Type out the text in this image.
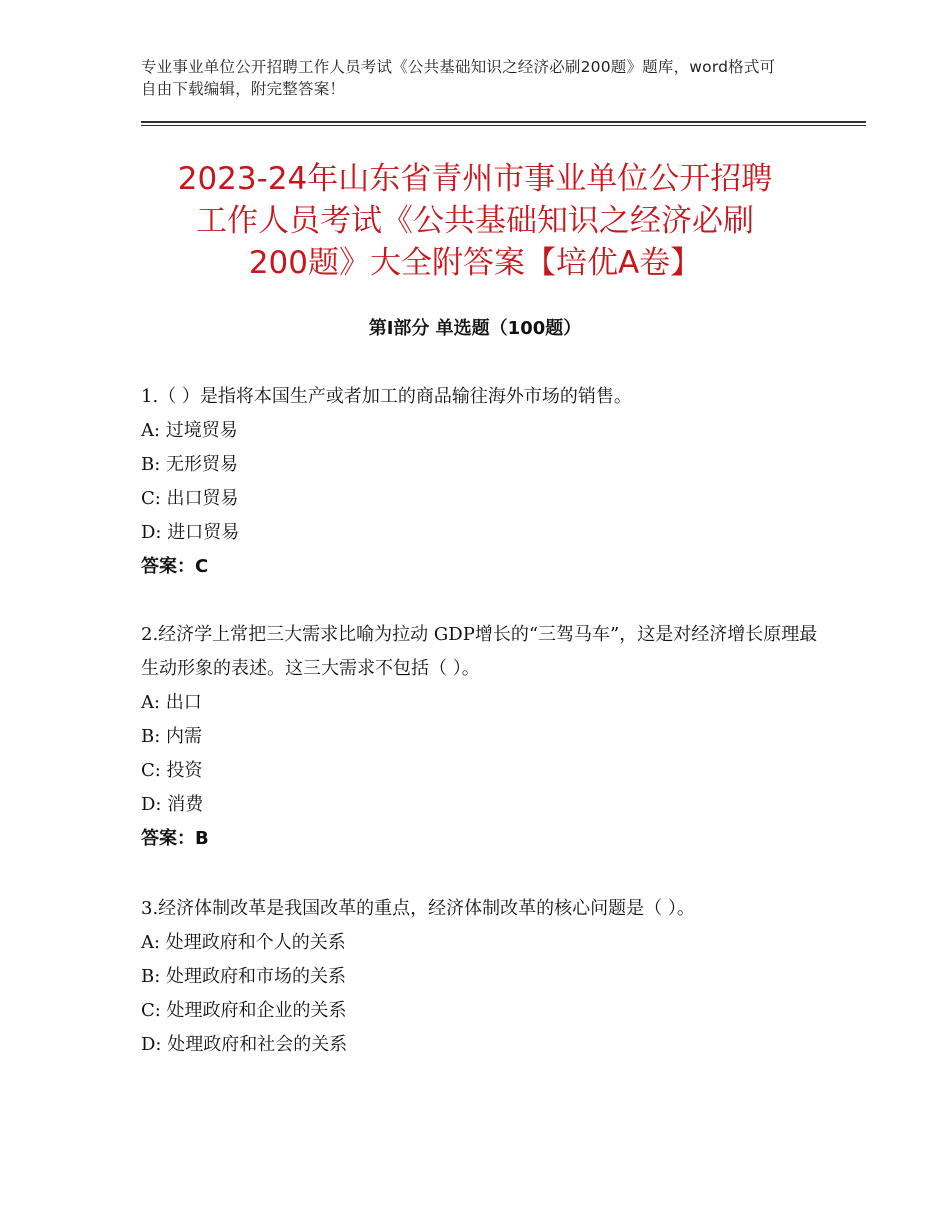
专业事业单位公开招聘工作人员考试《公共基础知识之经济必刷200题》题库，word格式可自由下载编辑，附完整答案！
2023-24年山东省青州市事业单位公开招聘
工作人员考试《公共基础知识之经济必刷
200题》大全附答案【培优A卷】
第Ⅰ部分 单选题（100题）
1.（ ）是指将本国生产或者加工的商品输往海外市场的销售。
A: 过境贸易
B: 无形贸易
C: 出口贸易
D: 进口贸易
答案：C
2.经济学上常把三大需求比喻为拉动 GDP增长的“三驾马车”，这是对经济增长原理最生动形象的表述。这三大需求不包括（ ）。
A: 出口
B: 内需
C: 投资
D: 消费
答案：B
3.经济体制改革是我国改革的重点，经济体制改革的核心问题是（ ）。
A: 处理政府和个人的关系
B: 处理政府和市场的关系
C: 处理政府和企业的关系
D: 处理政府和社会的关系
